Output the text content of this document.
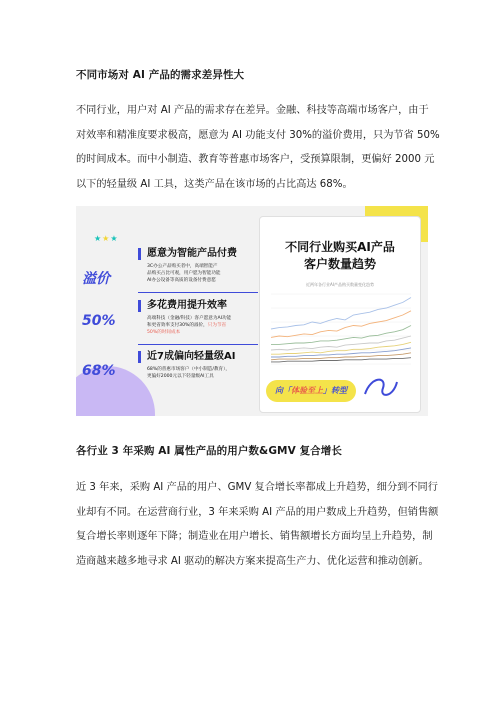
不同市场对 AI 产品的需求差异性大
不同行业，用户对 AI 产品的需求存在差异。金融、科技等高端市场客户，由于
对效率和精准度要求极高，愿意为 AI 功能支付 30%的溢价费用，只为节省 50%
的时间成本。而中小制造、教育等普惠市场客户，受预算限制，更偏好 2000 元
以下的轻量级 AI 工具，这类产品在该市场的占比高达 68%。
★★★
溢价
愿意为智能产品付费
3C办公产品购买者中，高端智能产
品购买占比可观，用户愿为智能功能
AI办公设备等高质的设备付费意愿
50%
多花费用提升效率
高端科技（金融/科技）客户愿意为AI功能
和更省效率支付30%的溢价，只为节省
50%的时间成本
68%
近7成偏向轻量级AI
68%的普惠市场客户（中小制造/教育），
更偏好2000元以下轻量级AI工具
不同行业购买AI产品
客户数量趋势
近两年各行业AI产品购买数量变化趋势
向「体验至上」转型
各行业 3 年采购 AI 属性产品的用户数&GMV 复合增长
近 3 年来，采购 AI 产品的用户、GMV 复合增长率都成上升趋势，细分到不同行
业却有不同。在运营商行业，3 年来采购 AI 产品的用户数成上升趋势，但销售额
复合增长率则逐年下降；制造业在用户增长、销售额增长方面均呈上升趋势，制
造商越来越多地寻求 AI 驱动的解决方案来提高生产力、优化运营和推动创新。
